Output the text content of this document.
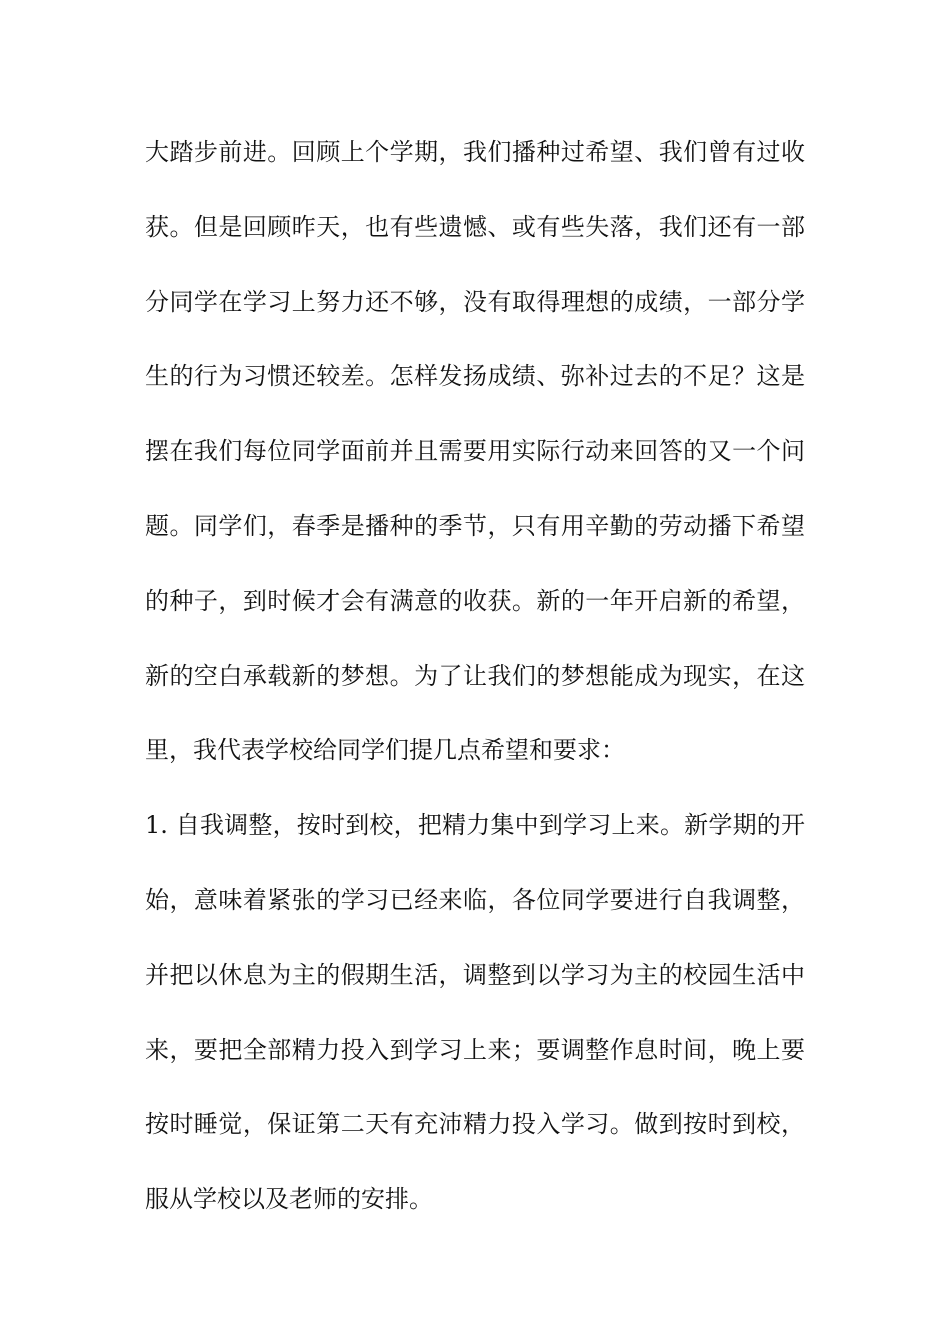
大踏步前进。回顾上个学期，我们播种过希望、我们曾有过收
获。但是回顾昨天，也有些遗憾、或有些失落，我们还有一部
分同学在学习上努力还不够，没有取得理想的成绩，一部分学
生的行为习惯还较差。怎样发扬成绩、弥补过去的不足？这是
摆在我们每位同学面前并且需要用实际行动来回答的又一个问
题。同学们，春季是播种的季节，只有用辛勤的劳动播下希望
的种子，到时候才会有满意的收获。新的一年开启新的希望，
新的空白承载新的梦想。为了让我们的梦想能成为现实，在这
里，我代表学校给同学们提几点希望和要求：
1. 自我调整，按时到校，把精力集中到学习上来。新学期的开
始，意味着紧张的学习已经来临，各位同学要进行自我调整，
并把以休息为主的假期生活，调整到以学习为主的校园生活中
来，要把全部精力投入到学习上来；要调整作息时间，晚上要
按时睡觉，保证第二天有充沛精力投入学习。做到按时到校，
服从学校以及老师的安排。
